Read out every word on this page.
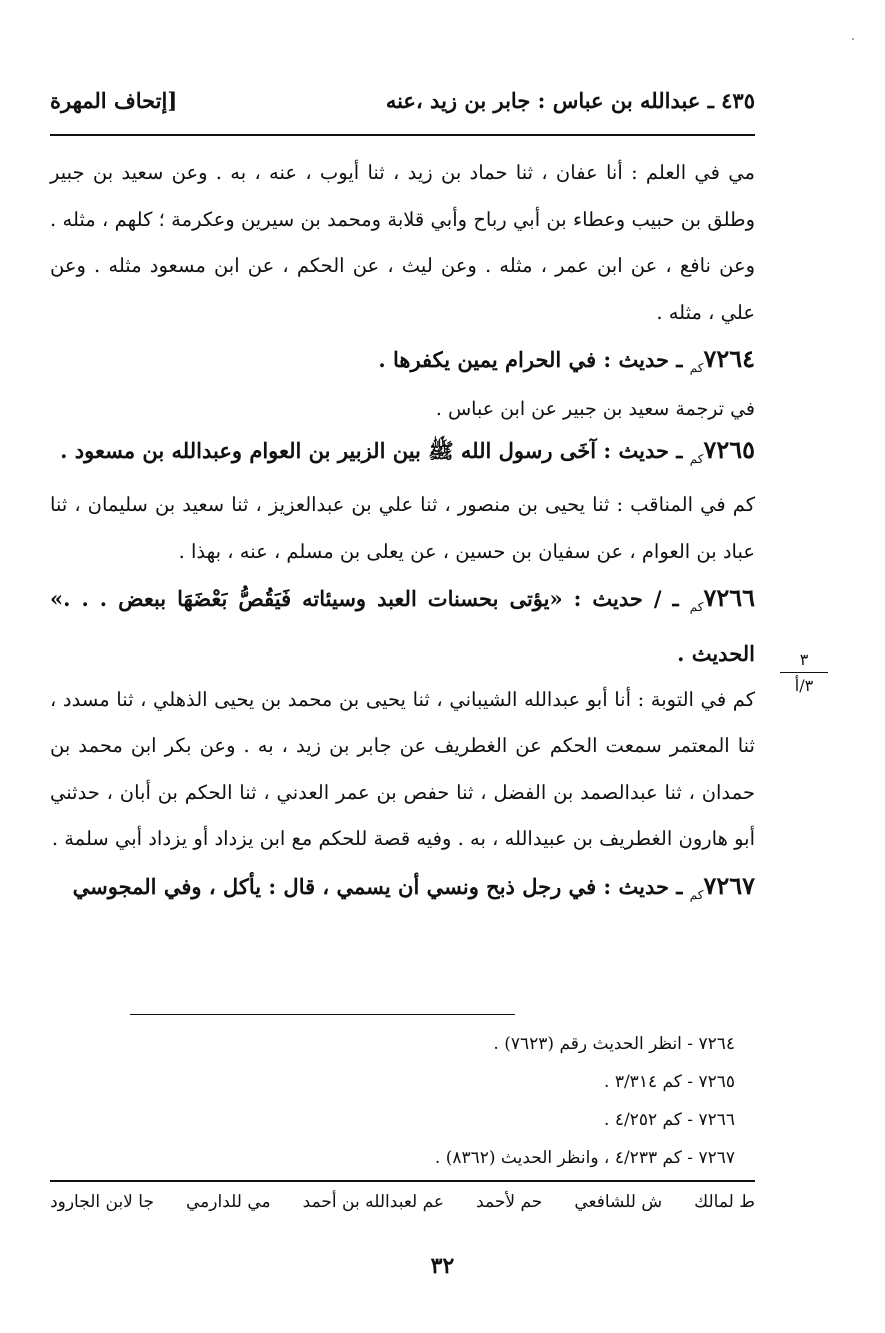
٤٣٥ ـ عبدالله بن عباس : جابر بن زيد ،عنه
[إتحاف المهرة
مي في العلم : أنا عفان ، ثنا حماد بن زيد ، ثنا أيوب ، عنه ، به . وعن سعيد بن جبير وطلق بن حبيب وعطاء بن أبي رباح وأبي قلابة ومحمد بن سيرين وعكرمة ؛ كلهم ، مثله . وعن نافع ، عن ابن عمر ، مثله . وعن ليث ، عن الحكم ، عن ابن مسعود مثله . وعن علي ، مثله .
$٧٢٦٤_{كم}$ ـ حديث : في الحرام يمين يكفرها .
في ترجمة سعيد بن جبير عن ابن عباس .
$٧٢٦٥_{كم}$ ـ حديث : آخَى رسول الله ﷺ بين الزبير بن العوام وعبدالله بن مسعود .
كم في المناقب : ثنا يحيى بن منصور ، ثنا علي بن عبدالعزيز ، ثنا سعيد بن سليمان ، ثنا عباد بن العوام ، عن سفيان بن حسين ، عن يعلى بن مسلم ، عنه ، بهذا .
$٧٢٦٦_{كم}$ ـ / حديث : «يؤتى بحسنات العبد وسيئاته فَيَقُصُّ بَعْضَهَا ببعض . . .» الحديث .
كم في التوبة : أنا أبو عبدالله الشيباني ، ثنا يحيى بن محمد بن يحيى الذهلي ، ثنا مسدد ، ثنا المعتمر سمعت الحكم عن الغطريف عن جابر بن زيد ، به . وعن بكر ابن محمد بن حمدان ، ثنا عبدالصمد بن الفضل ، ثنا حفص بن عمر العدني ، ثنا الحكم بن أبان ، حدثني أبو هارون الغطريف بن عبيدالله ، به . وفيه قصة للحكم مع ابن يزداد أو يزداد أبي سلمة .
$٧٢٦٧_{كم}$ ـ حديث : في رجل ذبح ونسي أن يسمي ، قال : يأكل ، وفي المجوسي
٣
٣/أ
٧٢٦٤ - انظر الحديث رقم (٧٦٢٣) .
٧٢٦٥ - كم ٣/٣١٤ .
٧٢٦٦ - كم ٤/٢٥٢ .
٧٢٦٧ - كم ٤/٢٣٣ ، وانظر الحديث (٨٣٦٢) .
ط لمالك
ش للشافعي
حم لأحمد
عم لعبدالله بن أحمد
مي للدارمي
جا لابن الجارود
٣٢
